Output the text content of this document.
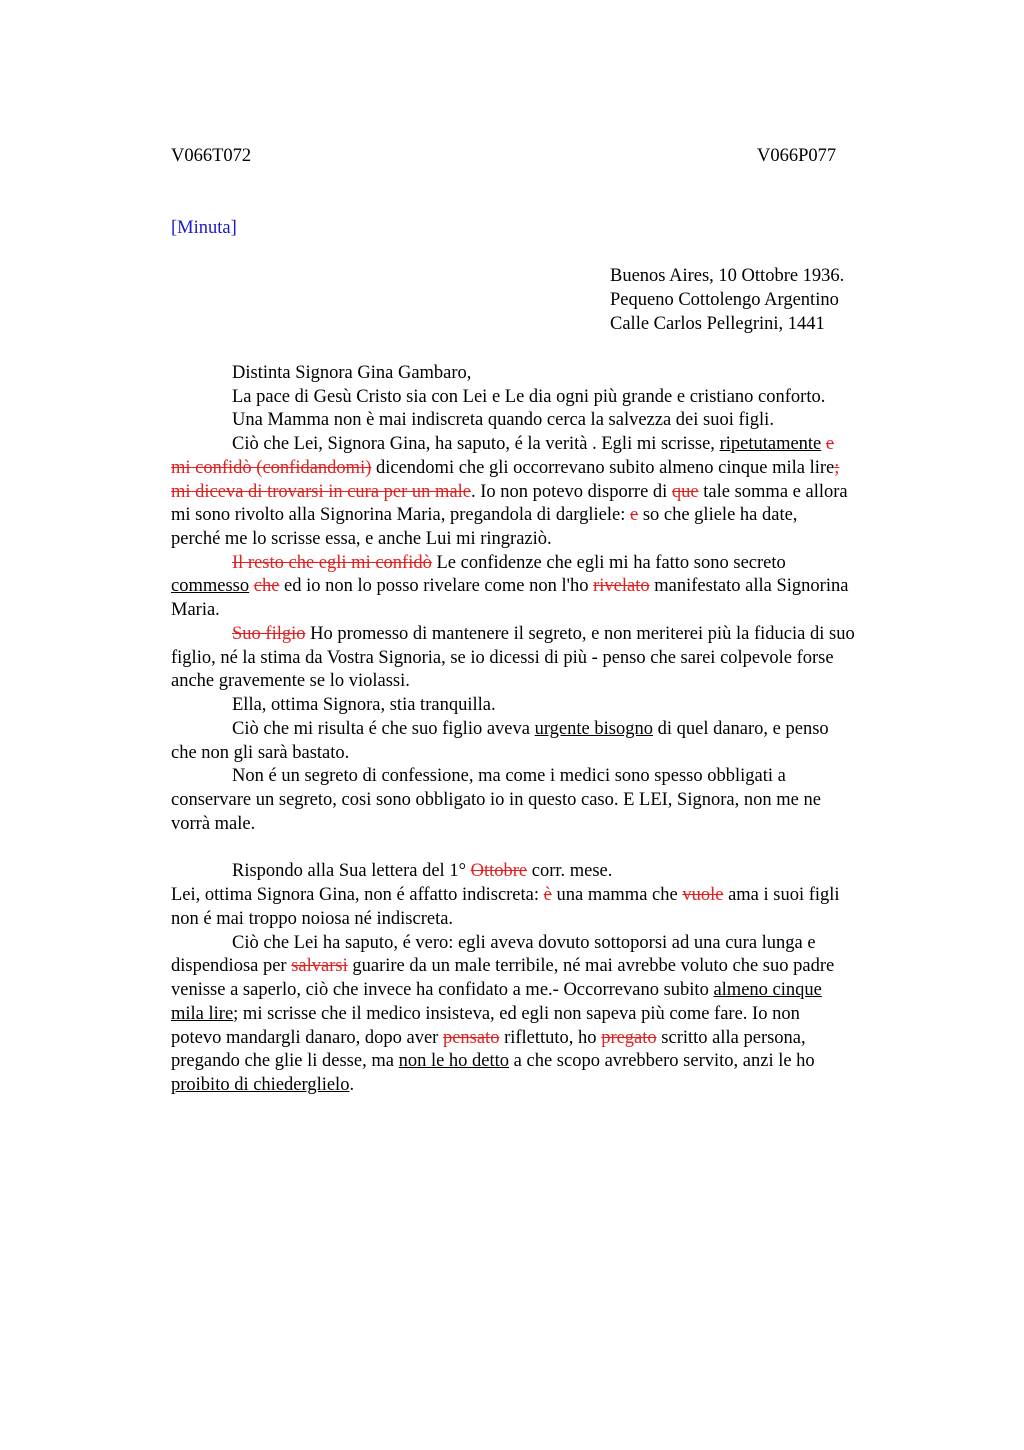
V066T072	V066P077
[Minuta]
Buenos Aires, 10 Ottobre 1936.
Pequeno Cottolengo Argentino
Calle Carlos Pellegrini, 1441
Distinta Signora Gina Gambaro,
La pace di Gesù Cristo sia con Lei e Le dia ogni più grande e cristiano conforto.
Una Mamma non è mai indiscreta quando cerca la salvezza dei suoi figli.
Ciò che Lei, Signora Gina, ha saputo, é la verità . Egli mi scrisse, ripetutamente e
mi confidò (confidandomi) dicendomi che gli occorrevano subito almeno cinque mila lire;
mi diceva di trovarsi in cura per un male. Io non potevo disporre di que tale somma e allora
mi sono rivolto alla Signorina Maria, pregandola di dargliele: e so che gliele ha date,
perché me lo scrisse essa, e anche Lui mi ringraziò.
Il resto che egli mi confidò Le confidenze che egli mi ha fatto sono secreto
commesso che ed io non lo posso rivelare come non l'ho rivelato manifestato alla Signorina
Maria.
Suo filgio Ho promesso di mantenere il segreto, e non meriterei più la fiducia di suo
figlio, né la stima da Vostra Signoria, se io dicessi di più - penso che sarei colpevole forse
anche gravemente se lo violassi.
Ella, ottima Signora, stia tranquilla.
Ciò che mi risulta é che suo figlio aveva urgente bisogno di quel danaro, e penso
che non gli sarà bastato.
Non é un segreto di confessione, ma come i medici sono spesso obbligati a
conservare un segreto, cosi sono obbligato io in questo caso. E LEI, Signora, non me ne
vorrà male.
Rispondo alla Sua lettera del 1° Ottobre corr. mese.
Lei, ottima Signora Gina, non é affatto indiscreta: è una mamma che vuole ama i suoi figli
non é mai troppo noiosa né indiscreta.
Ciò che Lei ha saputo, é vero: egli aveva dovuto sottoporsi ad una cura lunga e
dispendiosa per salvarsi guarire da un male terribile, né mai avrebbe voluto che suo padre
venisse a saperlo, ciò che invece ha confidato a me.- Occorrevano subito almeno cinque
mila lire; mi scrisse che il medico insisteva, ed egli non sapeva più come fare. Io non
potevo mandargli danaro, dopo aver pensato riflettuto, ho pregato scritto alla persona,
pregando che glie li desse, ma non le ho detto a che scopo avrebbero servito, anzi le ho
proibito di chiederglielo.
